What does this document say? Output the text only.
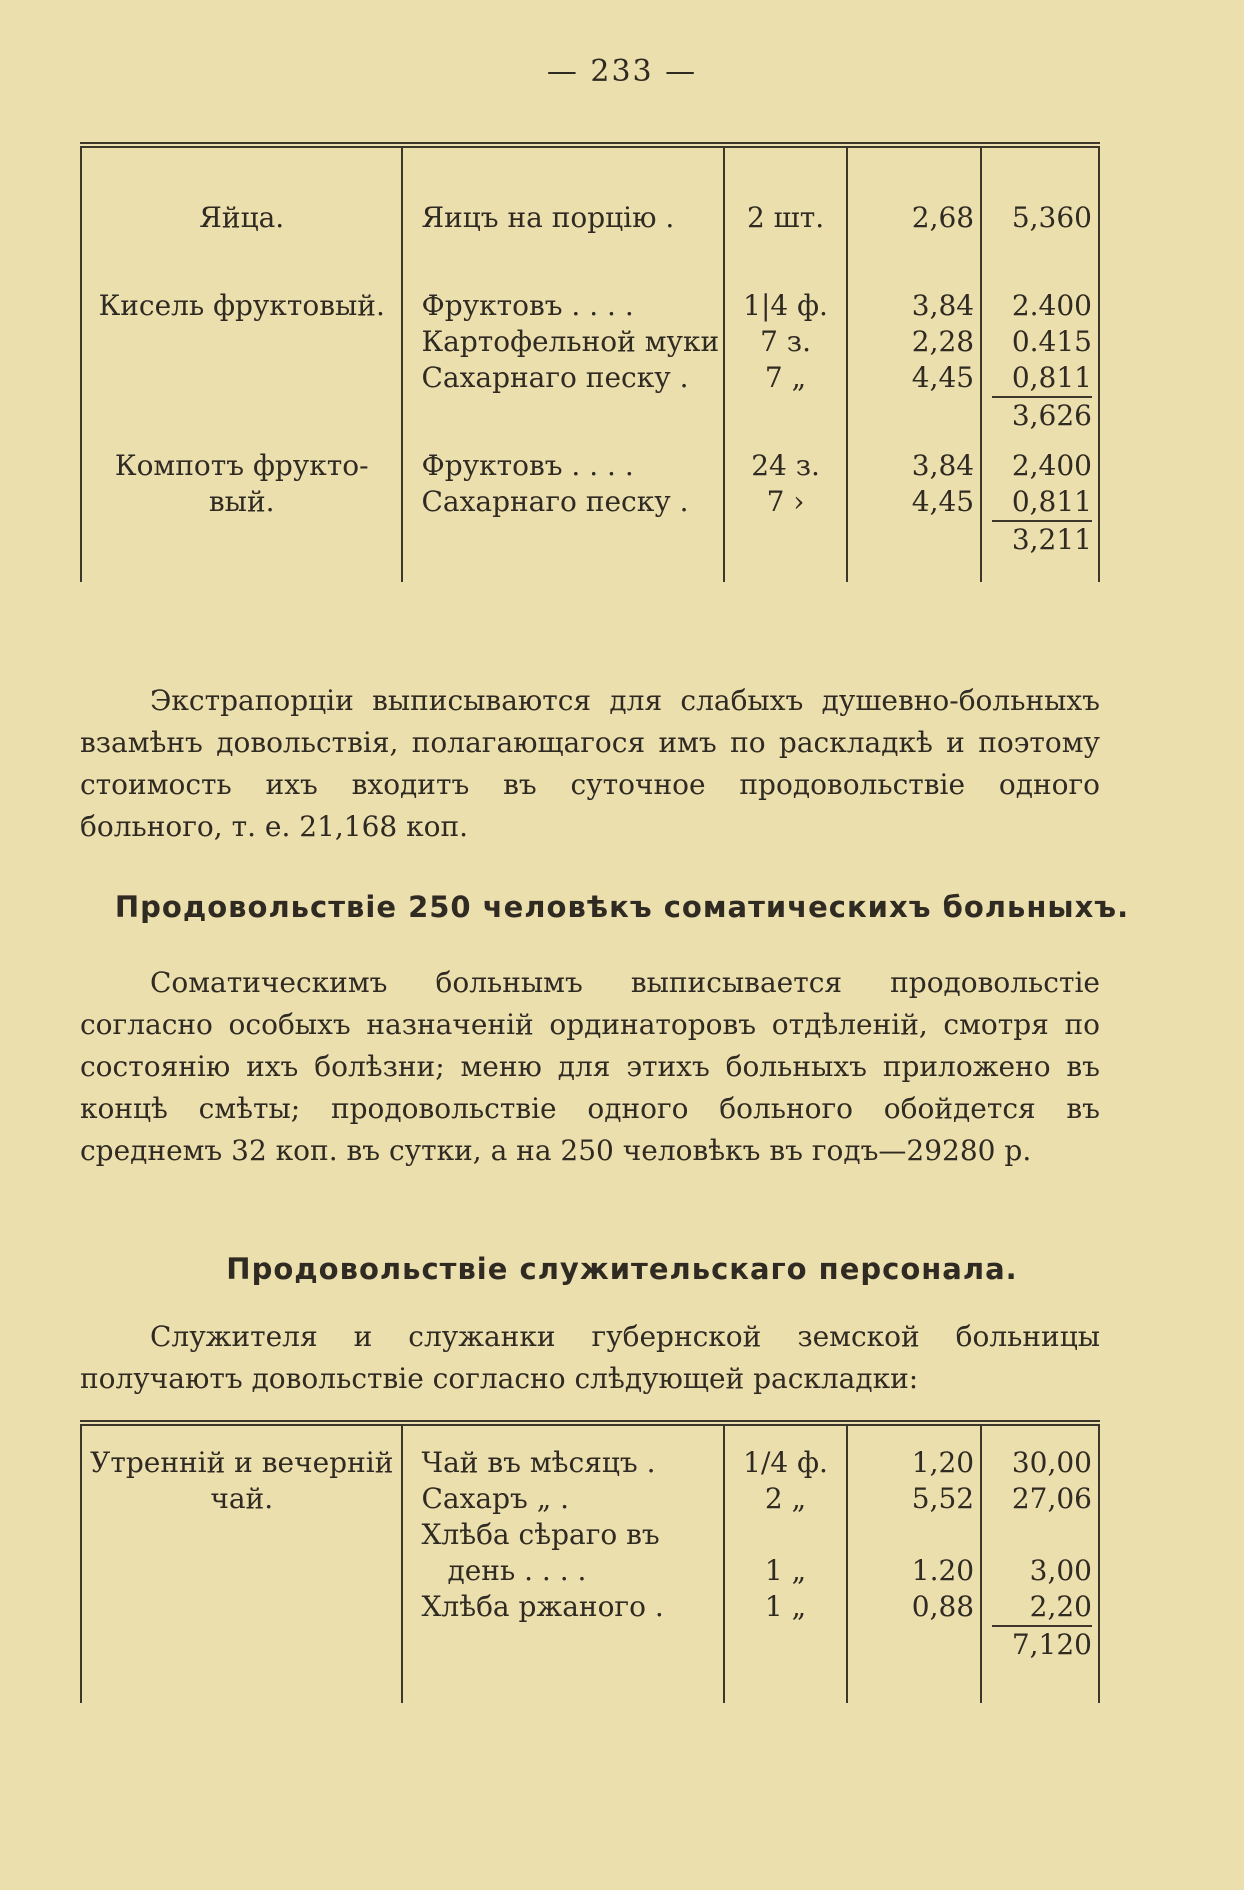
— 233 —

Яйца.	Яицъ на порцію .	2 шт.	2,68	5,360

Кисель фруктовый.	Фруктовъ . . . .	1|4 ф.	3,84	2.400
	Картофельной муки	7 з.	2,28	0.415
	Сахарнаго песку .	7 „	4,45	0,811
				3,626

Компотъ фрукто-вый.	Фруктовъ . . . .	24 з.	3,84	2,400
	Сахарнаго песку .	7 ›	4,45	0,811
				3,211

Экстрапорціи выписываются для слабыхъ душевно-больныхъ взамѣнъ довольствія, полагающагося имъ по раскладкѣ и поэтому стоимость ихъ входитъ въ суточное продовольствіе одного больного, т. е. 21,168 коп.
Продовольствіе 250 человѣкъ соматическихъ больныхъ.
Соматическимъ больнымъ выписывается продовольстіе согласно особыхъ назначеній ординаторовъ отдѣленій, смотря по состоянію ихъ болѣзни; меню для этихъ больныхъ приложено въ концѣ смѣты; продовольствіе одного больного обойдется въ среднемъ 32 коп. въ сутки, а на 250 человѣкъ въ годъ—29280 р.
Продовольствіе служительскаго персонала.
Служителя и служанки губернской земской больницы получаютъ довольствіе согласно слѣдующей раскладки:

Утренній и вечерній чай.	Чай въ мѣсяцъ .	1/4 ф.	1,20	30,00
	Сахаръ „ .	2 „	5,52	27,06
	Хлѣба сѣраго въ			
	день . . . .	1 „	1.20	3,00
	Хлѣба ржаного .	1 „	0,88	2,20
				7,120
